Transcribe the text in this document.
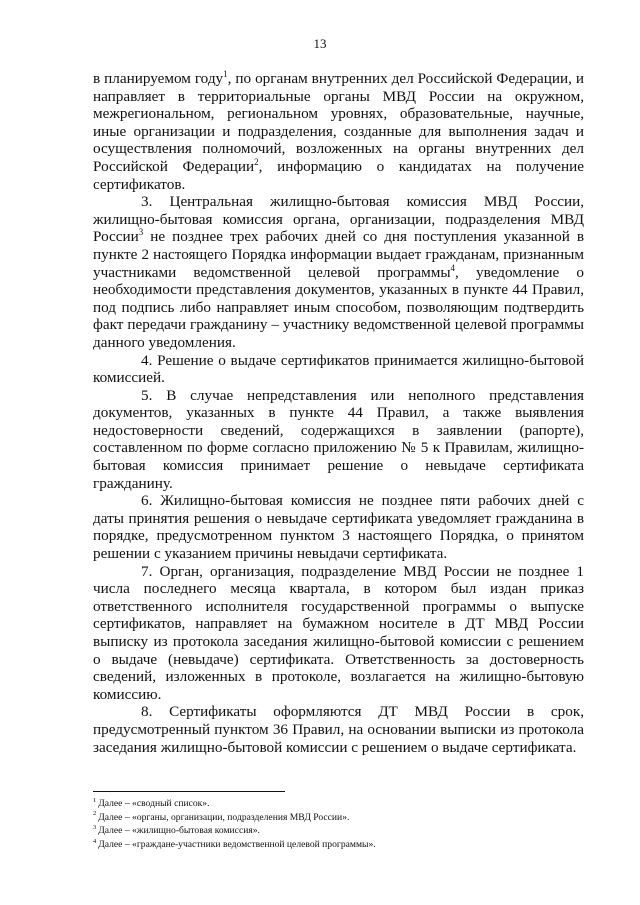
13

в планируемом году$^1$, по органам внутренних дел Российской Федерации, и направляет в территориальные органы МВД России на окружном, межрегиональном, региональном уровнях, образовательные, научные, иные организации и подразделения, созданные для выполнения задач и осуществления полномочий, возложенных на органы внутренних дел Российской Федерации$^2$, информацию о кандидатах на получение сертификатов.

3. Центральная жилищно-бытовая комиссия МВД России, жилищно-бытовая комиссия органа, организации, подразделения МВД России$^3$ не позднее трех рабочих дней со дня поступления указанной в пункте 2 настоящего Порядка информации выдает гражданам, признанным участниками ведомственной целевой программы$^4$, уведомление о необходимости представления документов, указанных в пункте 44 Правил, под подпись либо направляет иным способом, позволяющим подтвердить факт передачи гражданину – участнику ведомственной целевой программы данного уведомления.

4. Решение о выдаче сертификатов принимается жилищно-бытовой комиссией.

5. В случае непредставления или неполного представления документов, указанных в пункте 44 Правил, а также выявления недостоверности сведений, содержащихся в заявлении (рапорте), составленном по форме согласно приложению № 5 к Правилам, жилищно-бытовая комиссия принимает решение о невыдаче сертификата гражданину.

6. Жилищно-бытовая комиссия не позднее пяти рабочих дней с даты принятия решения о невыдаче сертификата уведомляет гражданина в порядке, предусмотренном пунктом 3 настоящего Порядка, о принятом решении с указанием причины невыдачи сертификата.

7. Орган, организация, подразделение МВД России не позднее 1 числа последнего месяца квартала, в котором был издан приказ ответственного исполнителя государственной программы о выпуске сертификатов, направляет на бумажном носителе в ДТ МВД России выписку из протокола заседания жилищно-бытовой комиссии с решением о выдаче (невыдаче) сертификата. Ответственность за достоверность сведений, изложенных в протоколе, возлагается на жилищно-бытовую комиссию.

8. Сертификаты оформляются ДТ МВД России в срок, предусмотренный пунктом 36 Правил, на основании выписки из протокола заседания жилищно-бытовой комиссии с решением о выдаче сертификата.

$^1$ Далее – «сводный список».

$^2$ Далее – «органы, организации, подразделения МВД России».

$^3$ Далее – «жилищно-бытовая комиссия».

$^4$ Далее – «граждане-участники ведомственной целевой программы».
